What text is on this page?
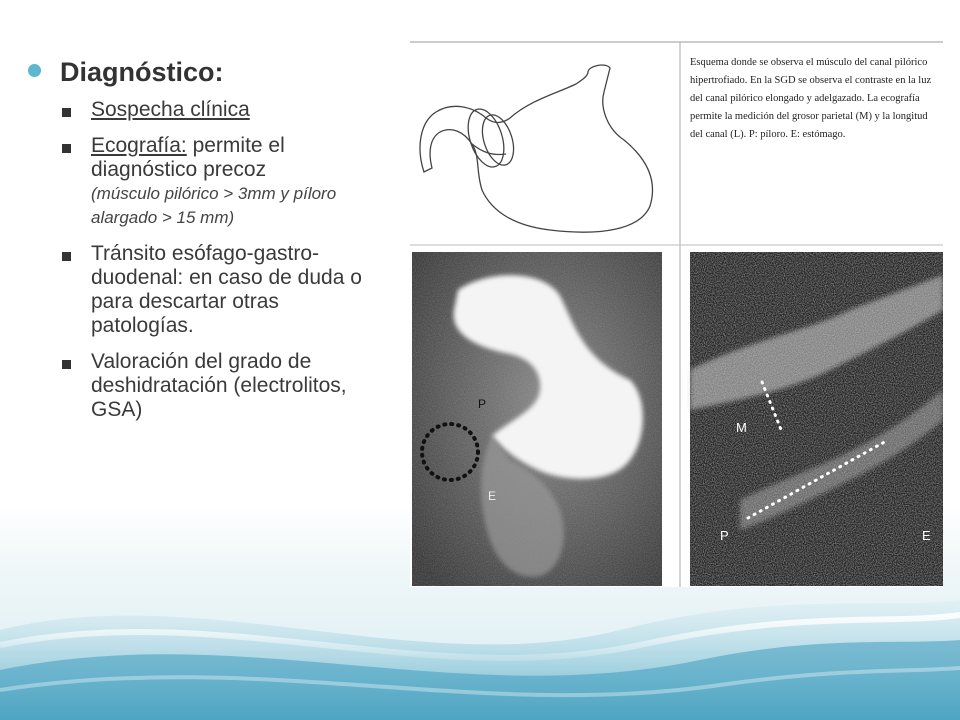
Diagnóstico:
Sospecha clínica
Ecografía: permite el diagnóstico precoz
(músculo pilórico > 3mm y píloro alargado > 15 mm)
Tránsito esófago-gastro-duodenal: en caso de duda o para descartar otras patologías.
Valoración del grado de deshidratación (electrolitos, GSA)	P
E
M
P	E
Esquema donde se observa el músculo del canal pilórico hipertrofiado. En la SGD se observa el contraste en la luz del canal pilórico elongado y adelgazado. La ecografía permite la medición del grosor parietal (M) y la longitud del canal (L). P: píloro. E: estómago.
